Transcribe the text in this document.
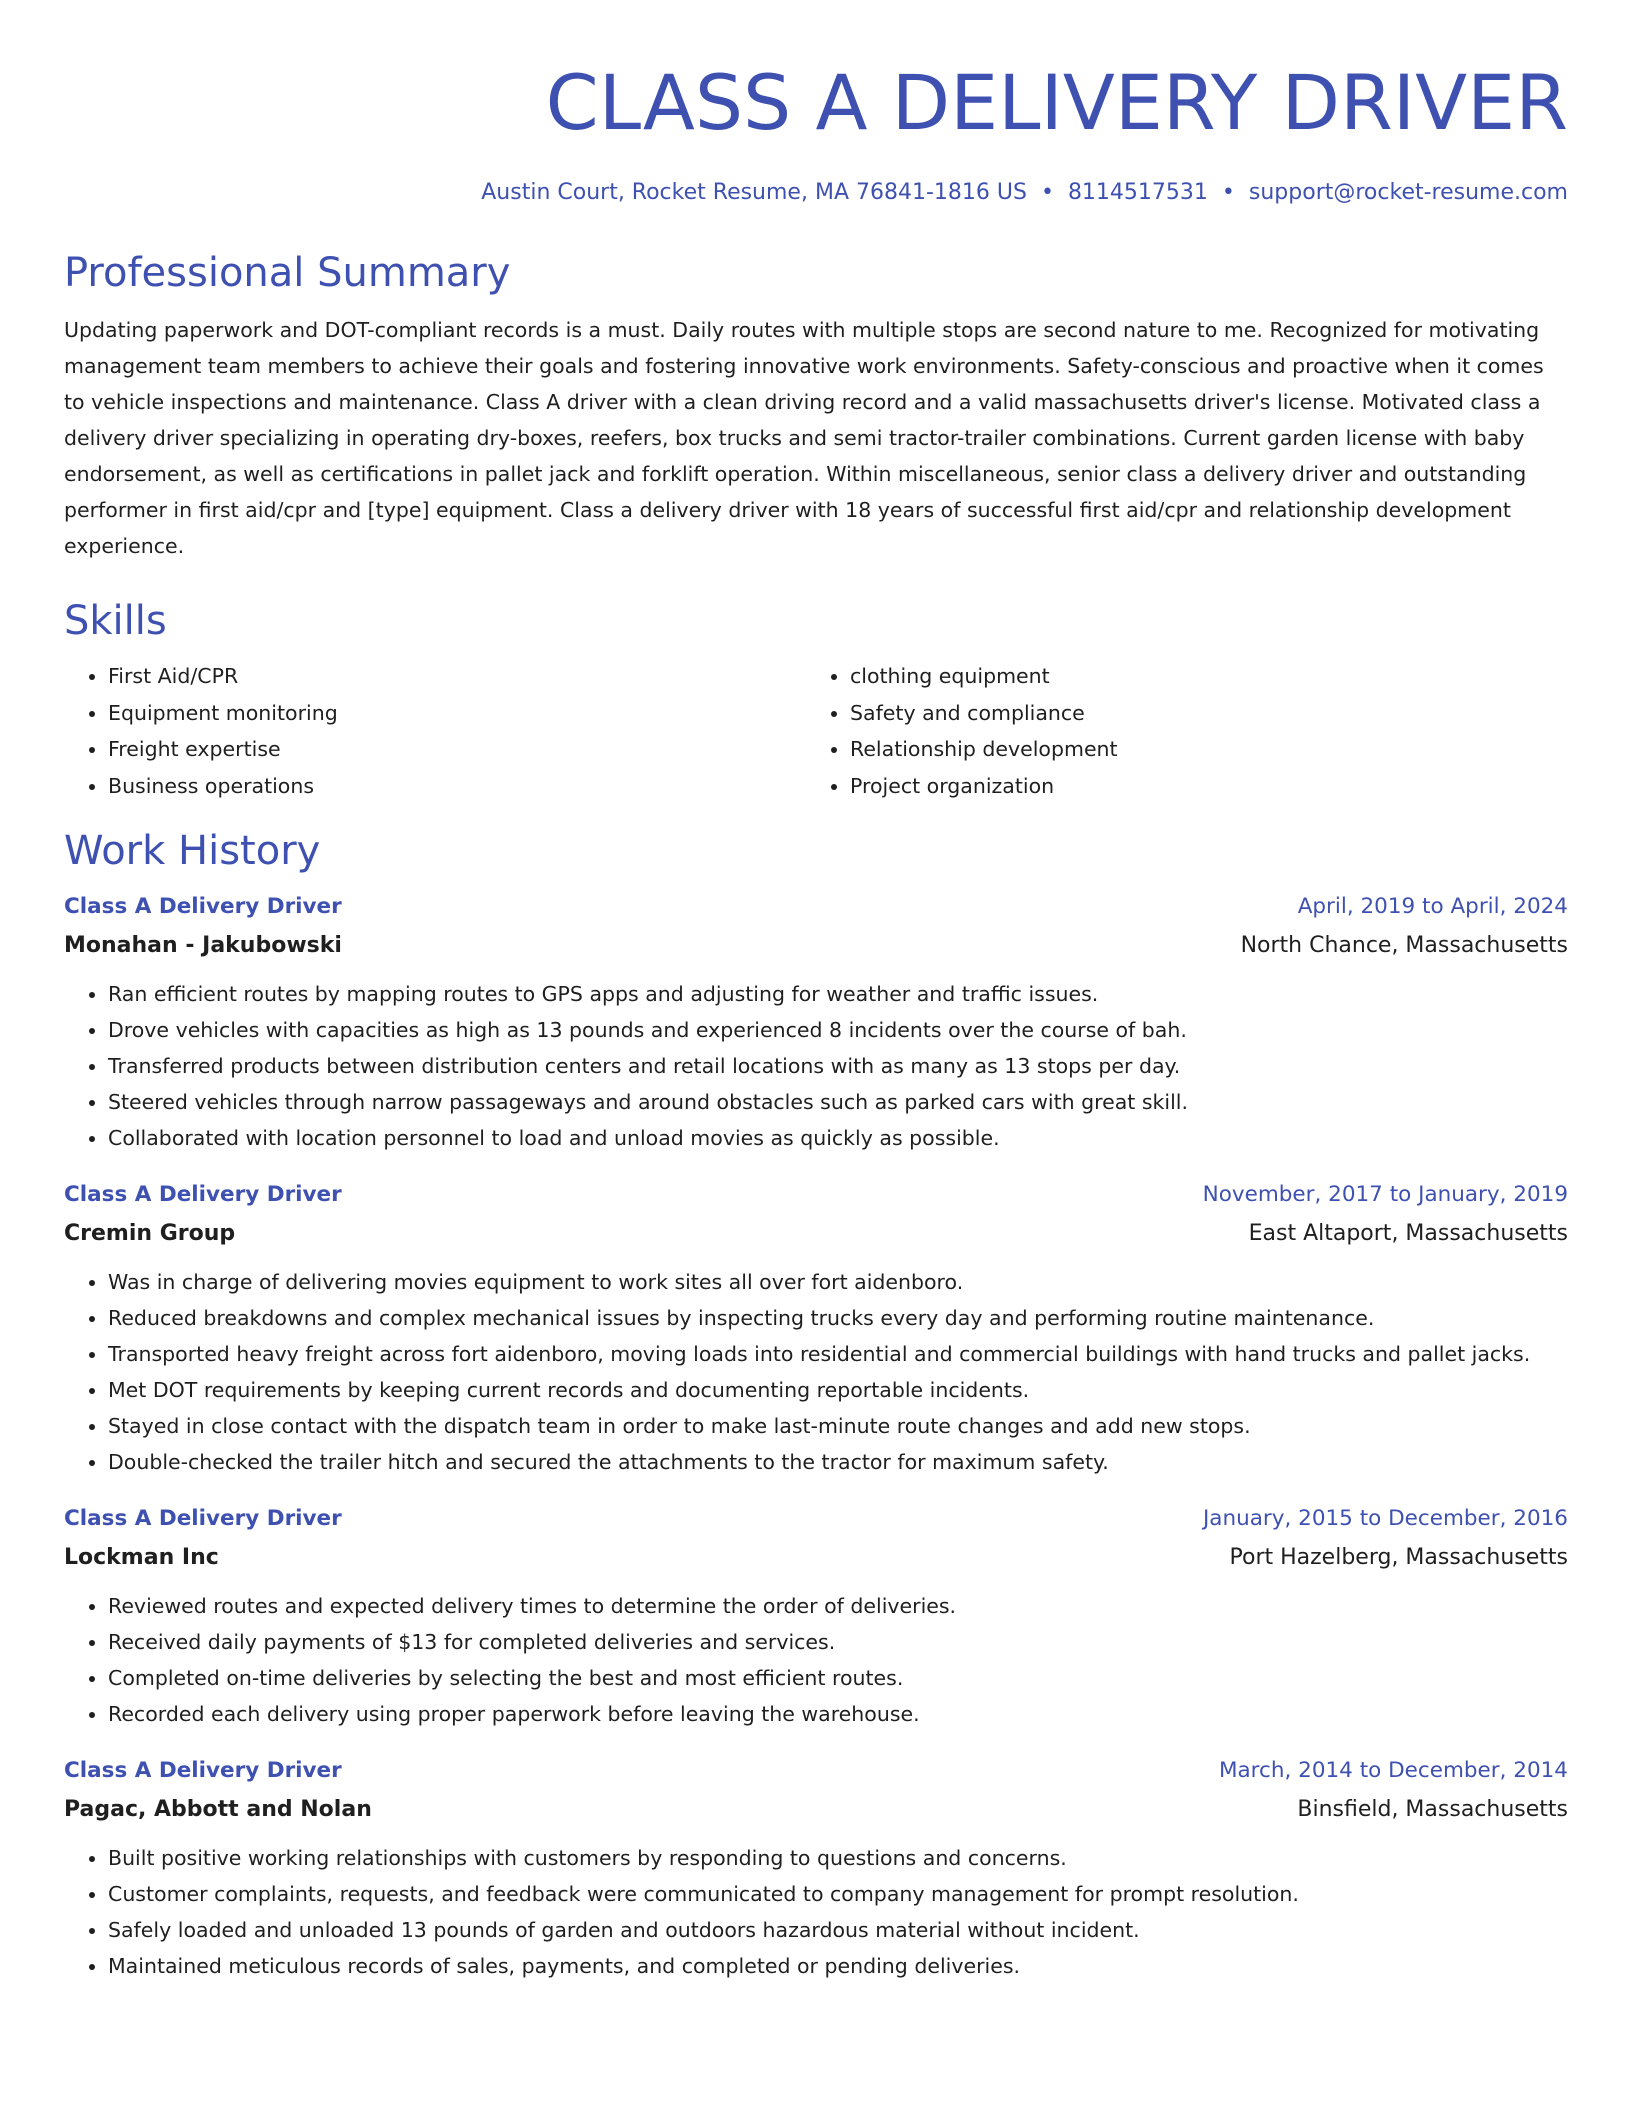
CLASS A DELIVERY DRIVER
Austin Court, Rocket Resume, MA 76841-1816 US • 8114517531 • support@rocket-resume.com
Professional Summary

Updating paperwork and DOT-compliant records is a must. Daily routes with multiple stops are second nature to me. Recognized for motivating management team members to achieve their goals and fostering innovative work environments. Safety-conscious and proactive when it comes to vehicle inspections and maintenance. Class A driver with a clean driving record and a valid massachusetts driver's license. Motivated class a delivery driver specializing in operating dry-boxes, reefers, box trucks and semi tractor-trailer combinations. Current garden license with baby endorsement, as well as certifications in pallet jack and forklift operation. Within miscellaneous, senior class a delivery driver and outstanding performer in first aid/cpr and [type] equipment. Class a delivery driver with 18 years of successful first aid/cpr and relationship development experience.

Skills
• First Aid/CPR
• Equipment monitoring
• Freight expertise
• Business operations
• clothing equipment
• Safety and compliance
• Relationship development
• Project organization
Work History
Class A Delivery Driver	April, 2019 to April, 2024
Monahan - Jakubowski	North Chance, Massachusetts
• Ran efficient routes by mapping routes to GPS apps and adjusting for weather and traffic issues.
• Drove vehicles with capacities as high as 13 pounds and experienced 8 incidents over the course of bah.
• Transferred products between distribution centers and retail locations with as many as 13 stops per day.
• Steered vehicles through narrow passageways and around obstacles such as parked cars with great skill.
• Collaborated with location personnel to load and unload movies as quickly as possible.
Class A Delivery Driver	November, 2017 to January, 2019
Cremin Group	East Altaport, Massachusetts
• Was in charge of delivering movies equipment to work sites all over fort aidenboro.
• Reduced breakdowns and complex mechanical issues by inspecting trucks every day and performing routine maintenance.
• Transported heavy freight across fort aidenboro, moving loads into residential and commercial buildings with hand trucks and pallet jacks.
• Met DOT requirements by keeping current records and documenting reportable incidents.
• Stayed in close contact with the dispatch team in order to make last-minute route changes and add new stops.
• Double-checked the trailer hitch and secured the attachments to the tractor for maximum safety.
Class A Delivery Driver	January, 2015 to December, 2016
Lockman Inc	Port Hazelberg, Massachusetts
• Reviewed routes and expected delivery times to determine the order of deliveries.
• Received daily payments of $13 for completed deliveries and services.
• Completed on-time deliveries by selecting the best and most efficient routes.
• Recorded each delivery using proper paperwork before leaving the warehouse.
Class A Delivery Driver	March, 2014 to December, 2014
Pagac, Abbott and Nolan	Binsfield, Massachusetts
• Built positive working relationships with customers by responding to questions and concerns.
• Customer complaints, requests, and feedback were communicated to company management for prompt resolution.
• Safely loaded and unloaded 13 pounds of garden and outdoors hazardous material without incident.
• Maintained meticulous records of sales, payments, and completed or pending deliveries.
